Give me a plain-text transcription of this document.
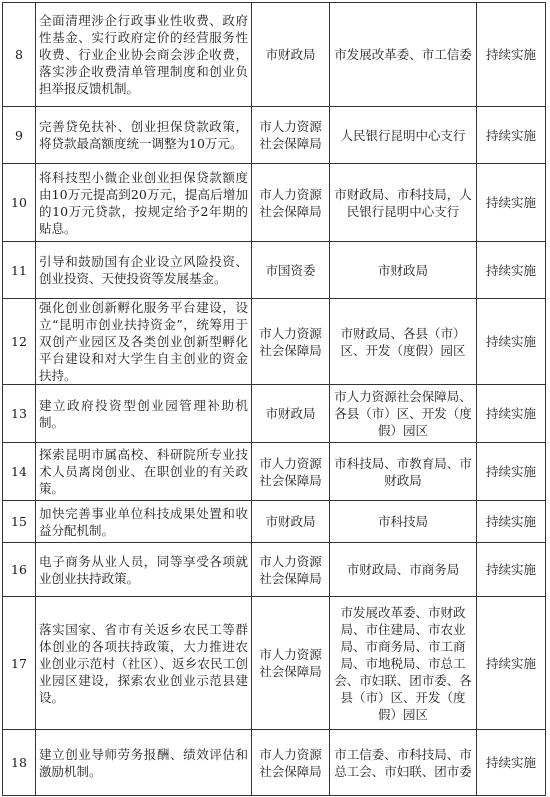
8	全面清理涉企行政事业性收费、政府性基金、实行政府定价的经营服务性收费、行业企业协会商会涉企收费，落实涉企收费清单管理制度和创业负担举报反馈机制。	市财政局	市发展改革委、市工信委	持续实施
9	完善贷免扶补、创业担保贷款政策，将贷款最高额度统一调整为10万元。	市人力资源社会保障局	人民银行昆明中心支行	持续实施
10	将科技型小微企业创业担保贷款额度由10万元提高到20万元，提高后增加的10万元贷款，按规定给予2年期的贴息。	市人力资源社会保障局	市财政局、市科技局，人民银行昆明中心支行	持续实施
11	引导和鼓励国有企业设立风险投资、创业投资、天使投资等发展基金。	市国资委	市财政局	持续实施
12	强化创业创新孵化服务平台建设，设立“昆明市创业扶持资金”，统筹用于双创产业园区及各类创业创新型孵化平台建设和对大学生自主创业的资金扶持。	市人力资源社会保障局	市财政局、各县（市）区、开发（度假）园区	持续实施
13	建立政府投资型创业园管理补助机制。	市财政局	市人力资源社会保障局、各县（市）区、开发（度假）园区	持续实施
14	探索昆明市属高校、科研院所专业技术人员离岗创业、在职创业的有关政策。	市人力资源社会保障局	市科技局、市教育局、市财政局	持续实施
15	加快完善事业单位科技成果处置和收益分配机制。	市财政局	市科技局	持续实施
16	电子商务从业人员，同等享受各项就业创业扶持政策。	市人力资源社会保障局	市财政局、市商务局	持续实施
17	落实国家、省市有关返乡农民工等群体创业的各项扶持政策，大力推进农业创业示范村（社区）、返乡农民工创业园区建设，探索农业创业示范县建设。	市人力资源社会保障局	市发展改革委、市财政局、市住建局、市农业局、市商务局、市工商局、市地税局、市总工会、市妇联、团市委、各县（市）区、开发（度假）园区	持续实施
18	建立创业导师劳务报酬、绩效评估和激励机制。	市人力资源社会保障局	市工信委、市科技局、市总工会、市妇联、团市委	持续实施
